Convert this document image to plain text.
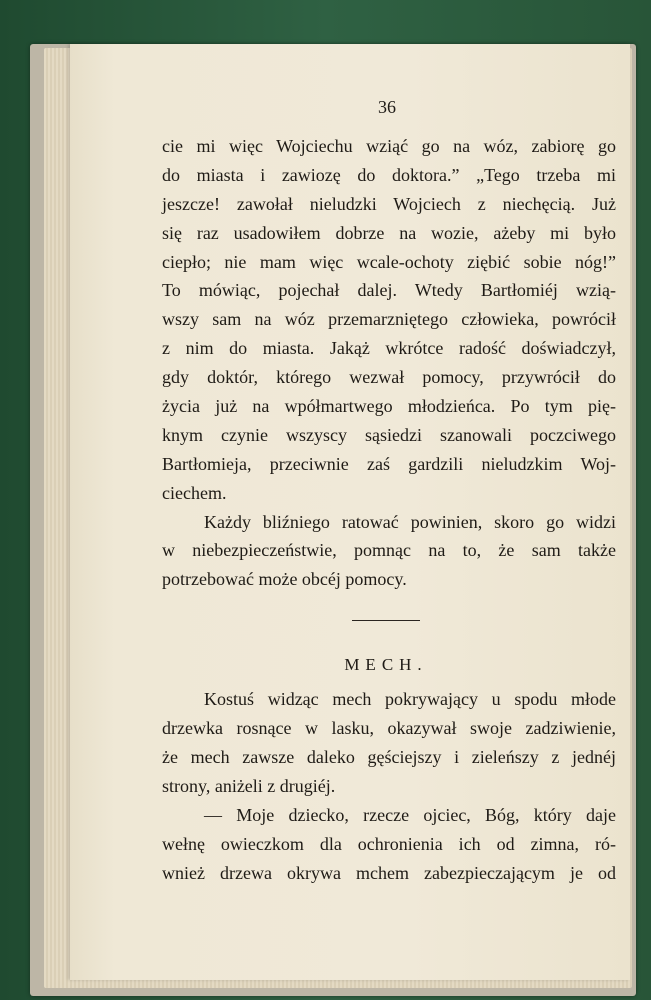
36
cie mi więc Wojciechu wziąć go na wóz, zabiorę go
do miasta i zawiozę do doktora.” „Tego trzeba mi
jeszcze! zawołał nieludzki Wojciech z niechęcią. Już
się raz usadowiłem dobrze na wozie, ażeby mi było
ciepło; nie mam więc wcale-ochoty ziębić sobie nóg!”
To mówiąc, pojechał dalej. Wtedy Bartłomiéj wzią-
wszy sam na wóz przemarzniętego człowieka, powrócił
z nim do miasta. Jakąż wkrótce radość doświadczył,
gdy doktór, którego wezwał pomocy, przywrócił do
życia już na wpółmartwego młodzieńca. Po tym pię-
knym czynie wszyscy sąsiedzi szanowali poczciwego
Bartłomieja, przeciwnie zaś gardzili nieludzkim Woj-
ciechem.
Każdy bliźniego ratować powinien, skoro go widzi
w niebezpieczeństwie, pomnąc na to, że sam także
potrzebować może obcéj pomocy.
MECH.
Kostuś widząc mech pokrywający u spodu młode
drzewka rosnące w lasku, okazywał swoje zadziwienie,
że mech zawsze daleko gęściejszy i zieleńszy z jednéj
strony, aniżeli z drugiéj.
— Moje dziecko, rzecze ojciec, Bóg, który daje
wełnę owieczkom dla ochronienia ich od zimna, ró-
wnież drzewa okrywa mchem zabezpieczającym je od
